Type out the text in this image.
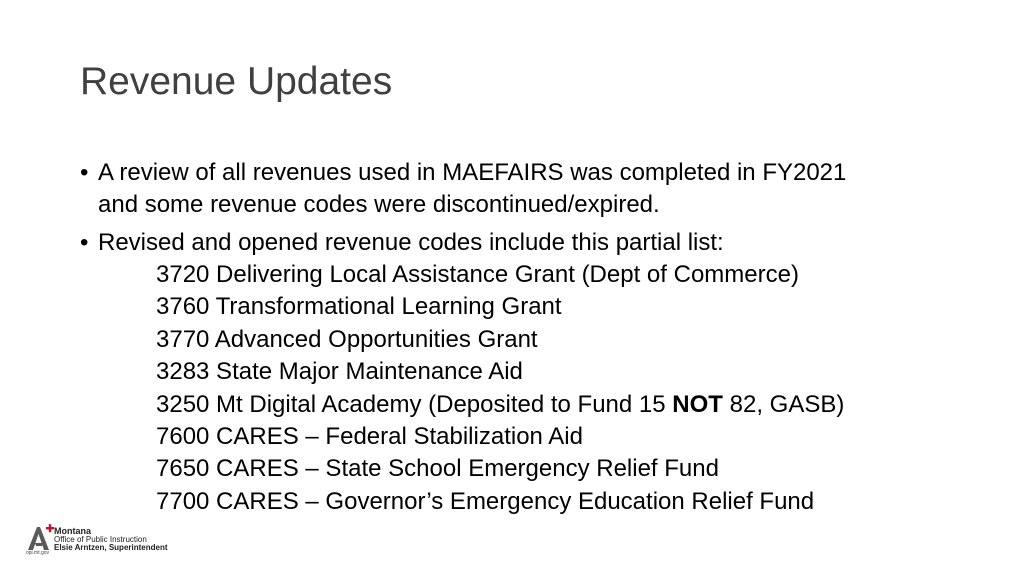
Revenue Updates
• A review of all revenues used in MAEFAIRS was completed in FY2021
and some revenue codes were discontinued/expired.
• Revised and opened revenue codes include this partial list:
3720 Delivering Local Assistance Grant (Dept of Commerce)
3760 Transformational Learning Grant
3770 Advanced Opportunities Grant
3283 State Major Maintenance Aid
3250 Mt Digital Academy (Deposited to Fund 15 NOT 82, GASB)
7600 CARES – Federal Stabilization Aid
7650 CARES – State School Emergency Relief Fund
7700 CARES – Governor’s Emergency Education Relief Fund
Montana
Office of Public Instruction
Elsie Arntzen, Superintendent
opi.mt.gov
